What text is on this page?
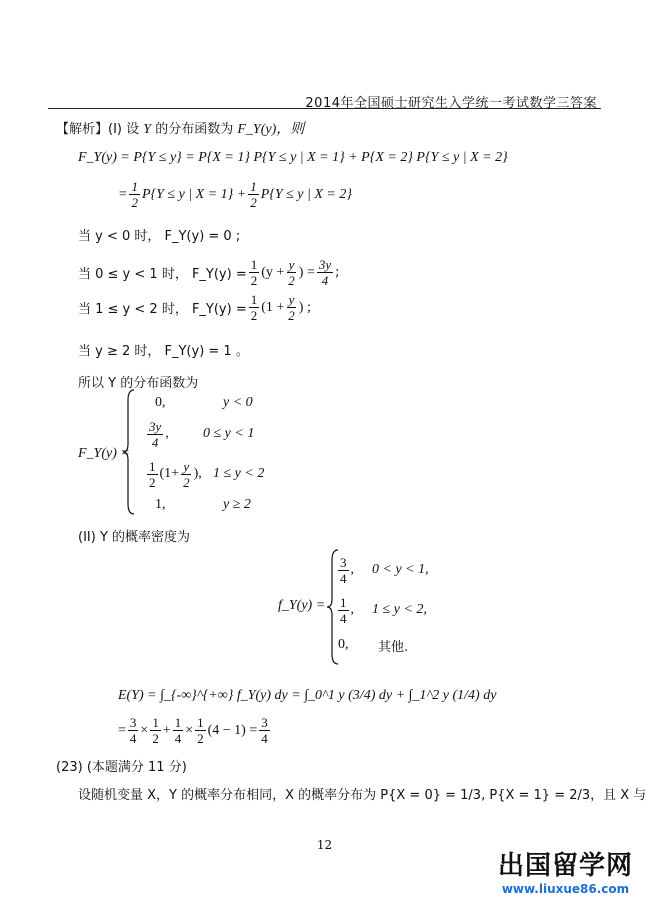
2014年全国硕士研究生入学统一考试数学三答案
【解析】(I) 设 Y 的分布函数为 F_Y(y)，则
F_Y(y) = P{Y ≤ y} = P{X = 1} P{Y ≤ y | X = 1} + P{X = 2} P{Y ≤ y | X = 2}
= $\frac{1}{2} P\{Y \le y$ | $X = 1\} + \frac{1}{2} P\{Y \le y$ | X = 2}
当 y < 0 时， F_Y(y) = 0 ;
当 0 ≤ y < 1 时， F_Y(y) = $\frac{1}{2} (y + \frac{y}{2}$ ) = $\frac{3y}{4}$ ;
当 1 ≤ y < 2 时， F_Y(y) = $\frac{1}{2} (1 + \frac{y}{2}$ ) ;
当 y ≥ 2 时， F_Y(y) = 1 。
所以 Y 的分布函数为
F_Y(y) =
0,	y < 0
$\frac{3y}{4}$ ,	0 ≤ y < 1
$\frac{1}{2} (1+ \frac{y}{2}$ ), 1 ≤ y < 2
1,	y ≥ 2
(II) Y 的概率密度为
f_Y(y) =
$\frac{3}{4}$ ,	0 < y < 1,
$\frac{1}{4}$ ,	1 ≤ y < 2,
0,	其他.
E(Y) = ∫_{-∞}^{+∞} f_Y(y) dy = ∫_0^1 y (3/4) dy + ∫_1^2 y (1/4) dy
= $\frac{3}{4} \times \frac{1}{2} + \frac{1}{4} \times \frac{1}{2} (4 - 1) = \frac{3}{4}$
(23) (本题满分 11 分)
设随机变量 X，Y 的概率分布相同，X 的概率分布为 P{X = 0} = 1/3, P{X = 1} = 2/3，且 X 与
12
出国留学网
www.liuxue86.com
